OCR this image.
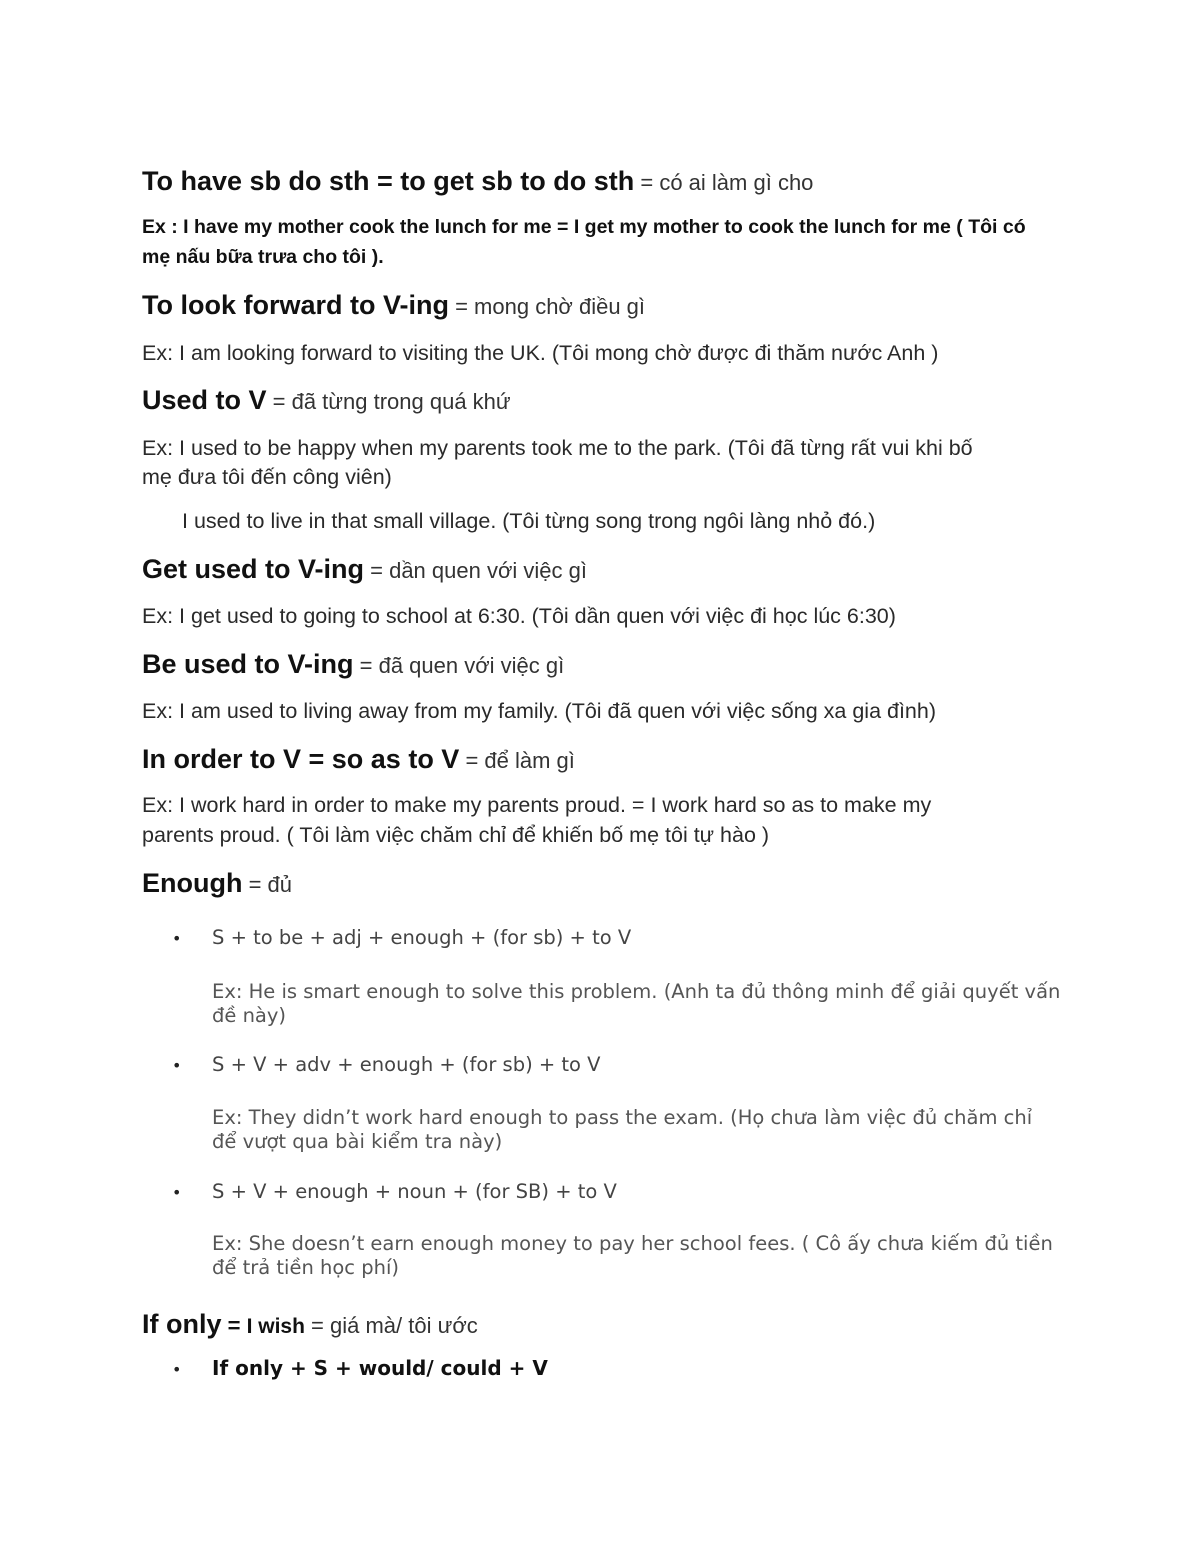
To have sb do sth = to get sb to do sth = có ai làm gì cho
Ex : I have my mother cook the lunch for me = I get my mother to cook the lunch for me ( Tôi có
mẹ nấu bữa trưa cho tôi ).
To look forward to V-ing = mong chờ điều gì
Ex: I am looking forward to visiting the UK. (Tôi mong chờ được đi thăm nước Anh )
Used to V = đã từng trong quá khứ
Ex: I used to be happy when my parents took me to the park. (Tôi đã từng rất vui khi bố
mẹ đưa tôi đến công viên)
I used to live in that small village. (Tôi từng song trong ngôi làng nhỏ đó.)
Get used to V-ing = dần quen với việc gì
Ex: I get used to going to school at 6:30. (Tôi dần quen với việc đi học lúc 6:30)
Be used to V-ing = đã quen với việc gì
Ex: I am used to living away from my family. (Tôi đã quen với việc sống xa gia đình)
In order to V = so as to V = để làm gì
Ex: I work hard in order to make my parents proud. = I work hard so as to make my
parents proud. ( Tôi làm việc chăm chỉ để khiến bố mẹ tôi tự hào )
Enough = đủ
• S + to be + adj + enough + (for sb) + to V
Ex: He is smart enough to solve this problem. (Anh ta đủ thông minh để giải quyết vấn đề này)
• S + V + adv + enough + (for sb) + to V
Ex: They didn’t work hard enough to pass the exam. (Họ chưa làm việc đủ chăm chỉ để vượt qua bài kiểm tra này)
• S + V + enough + noun + (for SB) + to V
Ex: She doesn’t earn enough money to pay her school fees. ( Cô ấy chưa kiếm đủ tiền để trả tiền học phí)
If only = I wish = giá mà/ tôi ước
• If only + S + would/ could + V
